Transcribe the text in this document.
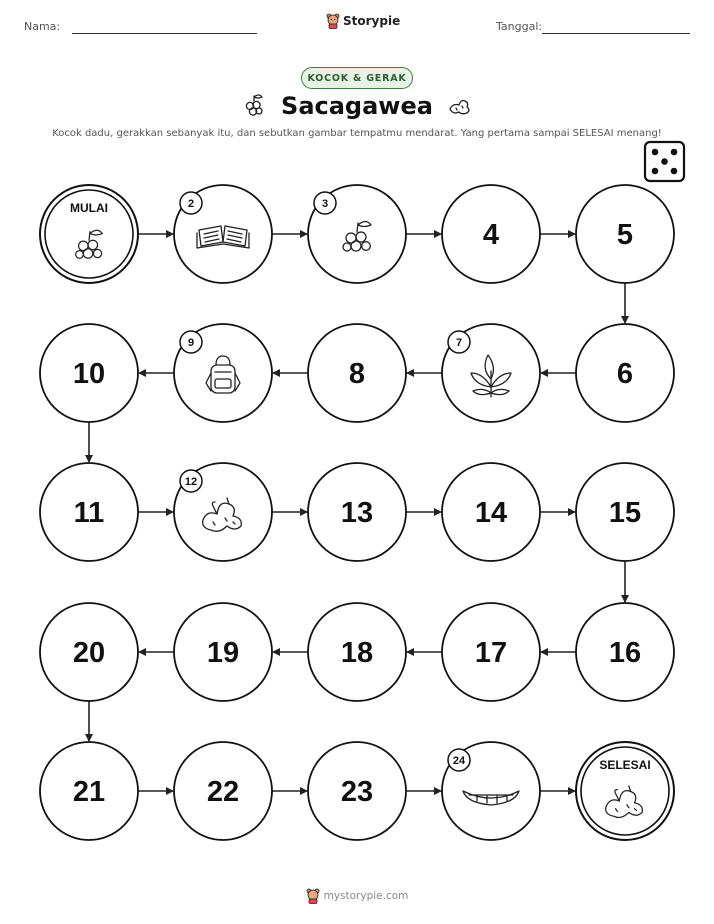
Nama:	Storypie	Tanggal:
KOCOK & GERAK
Sacagawea
Kocok dadu, gerakkan sebanyak itu, dan sebutkan gambar tempatmu mendarat. Yang pertama sampai SELESAI menang!
MULAI	2	3
4	5
6
7
8
9
10
11
12
13	14	15
16
17
18
19
20
21	22	23
24	SELESAI
mystorypie.com
